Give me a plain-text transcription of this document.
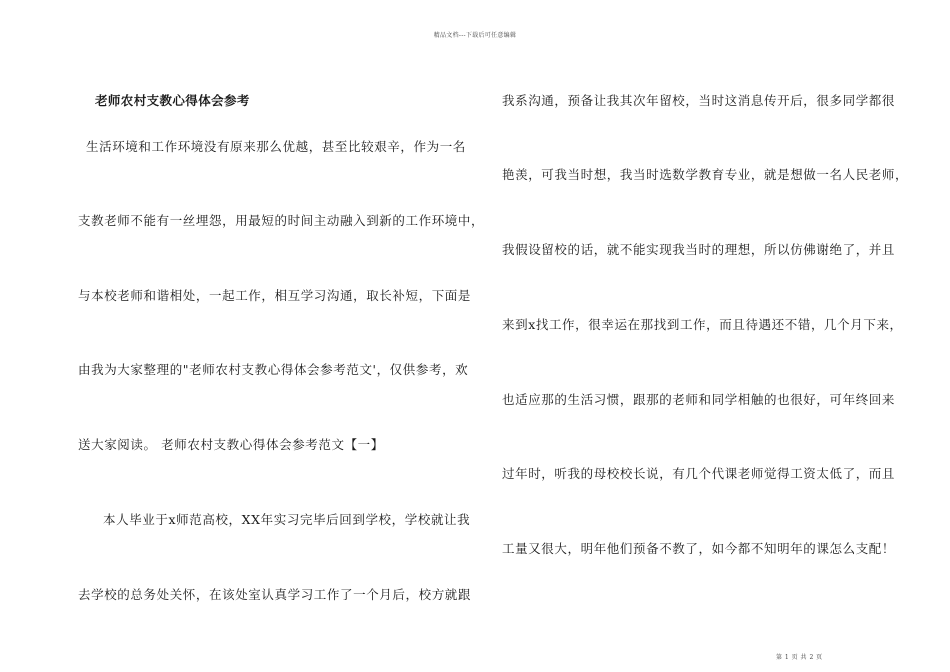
精品文档---下载后可任意编辑
老师农村支教心得体会参考
生活环境和工作环境没有原来那么优越，甚至比较艰辛，作为一名
支教老师不能有一丝埋怨，用最短的时间主动融入到新的工作环境中，
与本校老师和谐相处，一起工作，相互学习沟通，取长补短，下面是
由我为大家整理的"老师农村支教心得体会参考范文'，仅供参考，欢
送大家阅读。 老师农村支教心得体会参考范文【一】
本人毕业于x师范高校，XX年实习完毕后回到学校，学校就让我
去学校的总务处关怀，在该处室认真学习工作了一个月后，校方就跟
我系沟通，预备让我其次年留校，当时这消息传开后，很多同学都很
艳羡，可我当时想，我当时选数学教育专业，就是想做一名人民老师，
我假设留校的话，就不能实现我当时的理想，所以仿佛谢绝了，并且
来到x找工作，很幸运在那找到工作，而且待遇还不错，几个月下来，
也适应那的生活习惯，跟那的老师和同学相触的也很好，可年终回来
过年时，听我的母校校长说，有几个代课老师觉得工资太低了，而且
工量又很大，明年他们预备不教了，如今都不知明年的课怎么支配！
第 1 页 共 2 页
